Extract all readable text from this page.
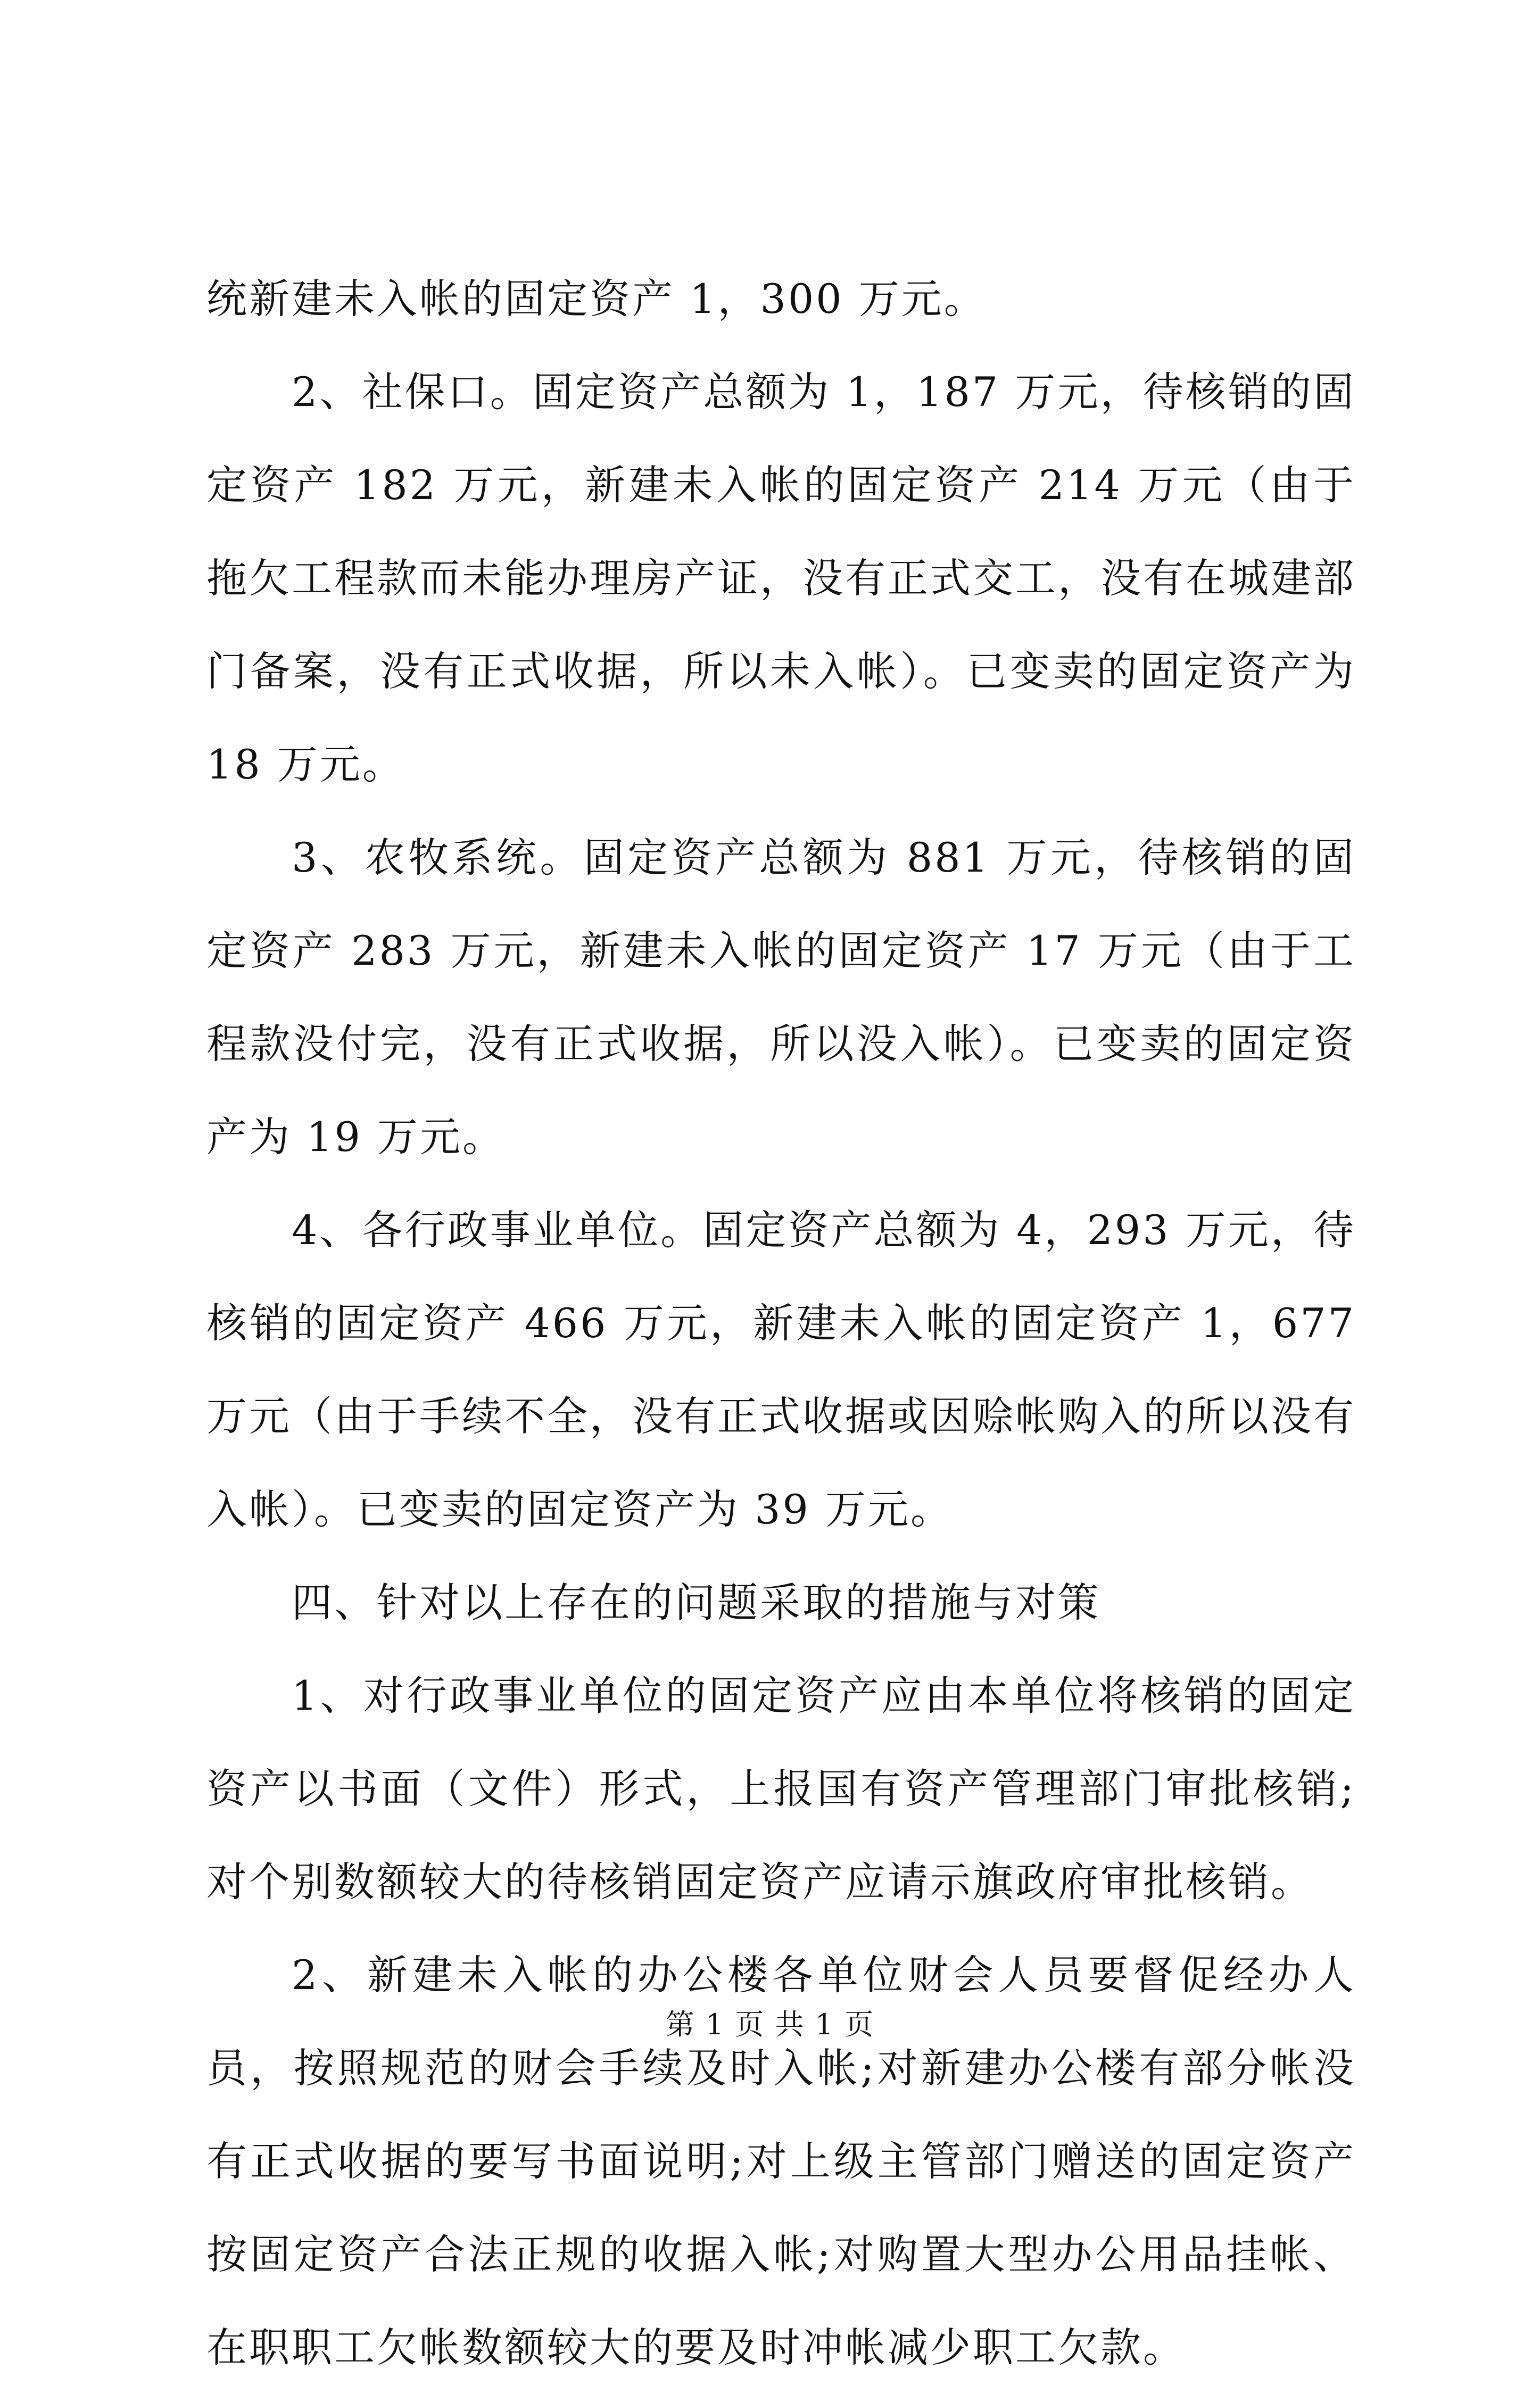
统新建未入帐的固定资产 1，300 万元。

2、社保口。固定资产总额为 1，187 万元，待核销的固定资产 182 万元，新建未入帐的固定资产 214 万元（由于拖欠工程款而未能办理房产证，没有正式交工，没有在城建部门备案，没有正式收据，所以未入帐）。已变卖的固定资产为 18 万元。

3、农牧系统。固定资产总额为 881 万元，待核销的固定资产 283 万元，新建未入帐的固定资产 17 万元（由于工程款没付完，没有正式收据，所以没入帐）。已变卖的固定资产为 19 万元。

4、各行政事业单位。固定资产总额为 4，293 万元，待核销的固定资产 466 万元，新建未入帐的固定资产 1，677 万元（由于手续不全，没有正式收据或因赊帐购入的所以没有入帐）。已变卖的固定资产为 39 万元。

四、针对以上存在的问题采取的措施与对策

1、对行政事业单位的固定资产应由本单位将核销的固定资产以书面（文件）形式，上报国有资产管理部门审批核销;对个别数额较大的待核销固定资产应请示旗政府审批核销。

2、新建未入帐的办公楼各单位财会人员要督促经办人员，按照规范的财会手续及时入帐;对新建办公楼有部分帐没有正式收据的要写书面说明;对上级主管部门赠送的固定资产按固定资产合法正规的收据入帐;对购置大型办公用品挂帐、在职职工欠帐数额较大的要及时冲帐减少职工欠款。

第 1 页 共 1 页
